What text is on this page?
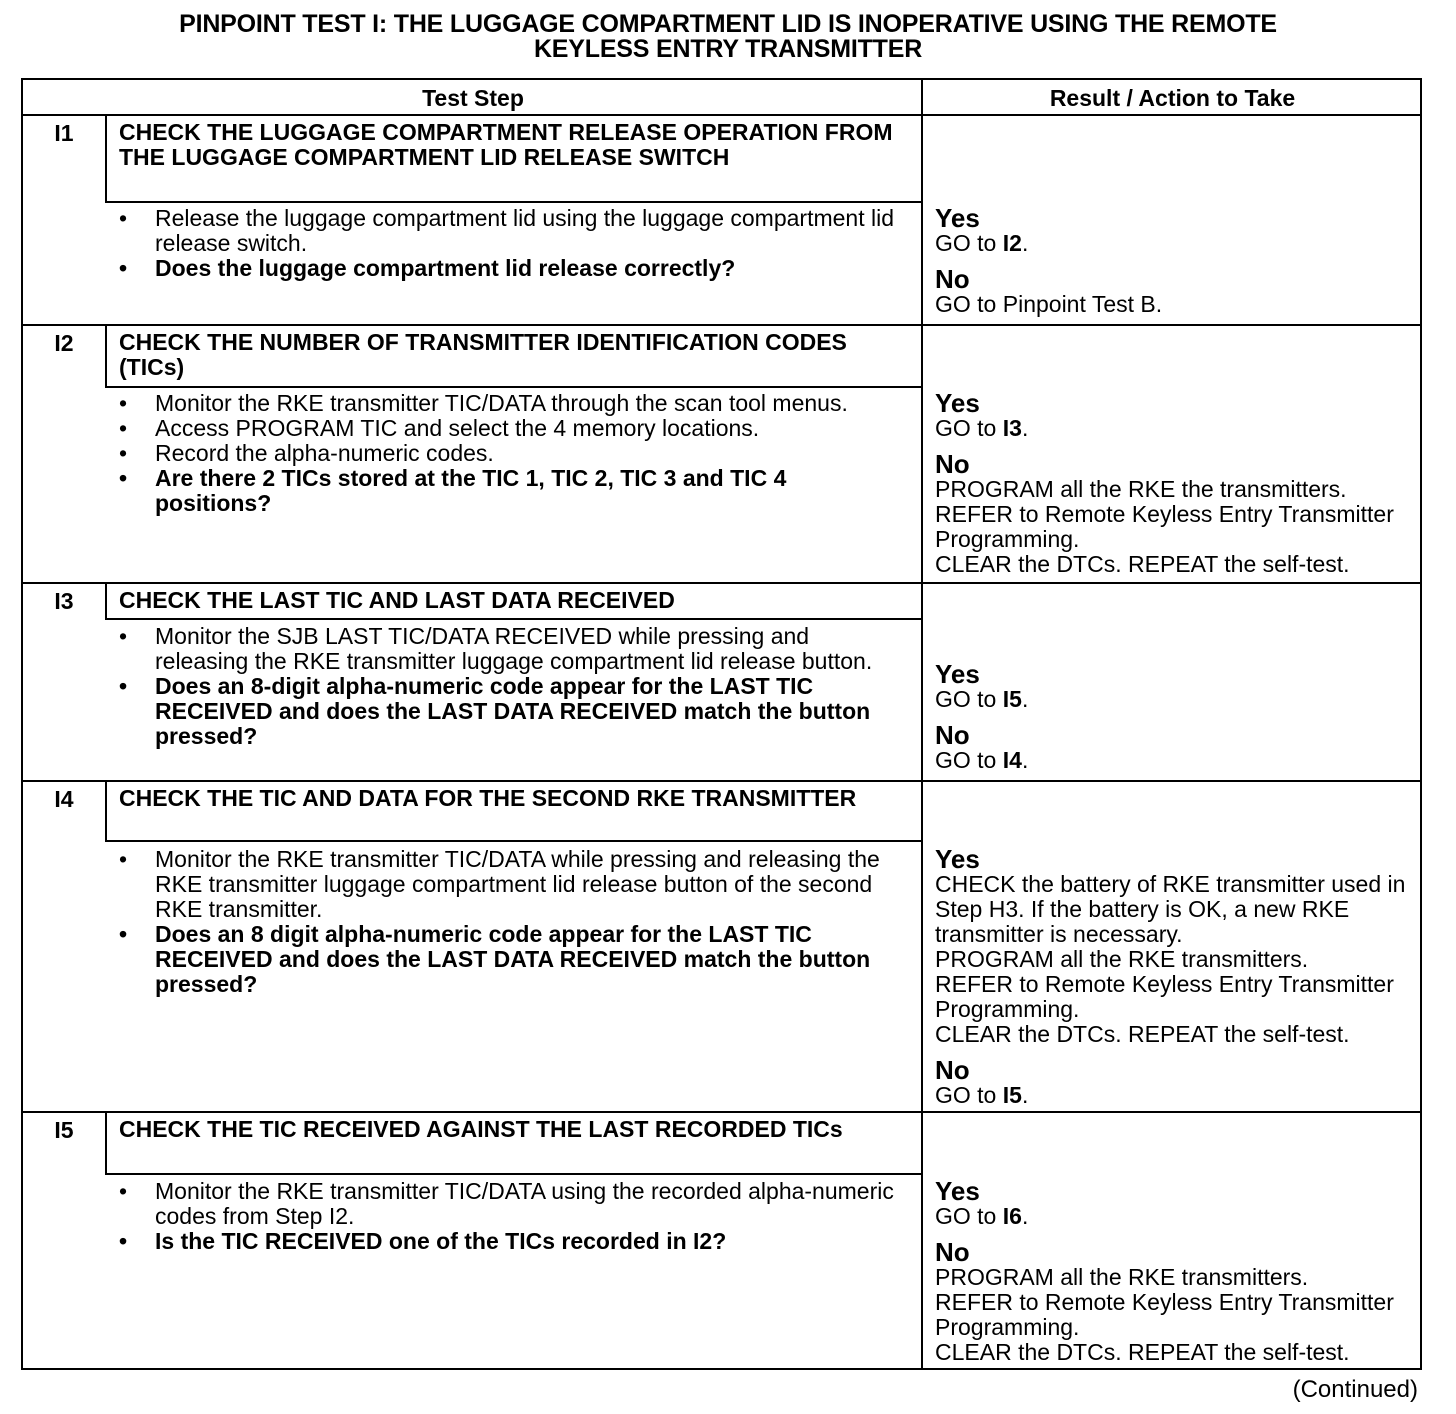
PINPOINT TEST I: THE LUGGAGE COMPARTMENT LID IS INOPERATIVE USING THE REMOTE
KEYLESS ENTRY TRANSMITTER
Test Step	Result / Action to Take
I1	CHECK THE LUGGAGE COMPARTMENT RELEASE OPERATION FROM THE LUGGAGE COMPARTMENT LID RELEASE SWITCH
• Release the luggage compartment lid using the luggage compartment lid release switch.
• Does the luggage compartment lid release correctly?
Yes
GO to I2.
No
GO to Pinpoint Test B.
I2	CHECK THE NUMBER OF TRANSMITTER IDENTIFICATION CODES (TICs)
• Monitor the RKE transmitter TIC/DATA through the scan tool menus.
• Access PROGRAM TIC and select the 4 memory locations.
• Record the alpha-numeric codes.
• Are there 2 TICs stored at the TIC 1, TIC 2, TIC 3 and TIC 4 positions?
Yes
GO to I3.
No
PROGRAM all the RKE the transmitters.
REFER to Remote Keyless Entry Transmitter Programming.
CLEAR the DTCs. REPEAT the self-test.
I3	CHECK THE LAST TIC AND LAST DATA RECEIVED
• Monitor the SJB LAST TIC/DATA RECEIVED while pressing and releasing the RKE transmitter luggage compartment lid release button.
• Does an 8-digit alpha-numeric code appear for the LAST TIC RECEIVED and does the LAST DATA RECEIVED match the button pressed?
Yes
GO to I5.
No
GO to I4.
I4	CHECK THE TIC AND DATA FOR THE SECOND RKE TRANSMITTER
• Monitor the RKE transmitter TIC/DATA while pressing and releasing the RKE transmitter luggage compartment lid release button of the second RKE transmitter.
• Does an 8 digit alpha-numeric code appear for the LAST TIC RECEIVED and does the LAST DATA RECEIVED match the button pressed?
Yes
CHECK the battery of RKE transmitter used in Step H3. If the battery is OK, a new RKE transmitter is necessary.
PROGRAM all the RKE transmitters.
REFER to Remote Keyless Entry Transmitter Programming.
CLEAR the DTCs. REPEAT the self-test.
No
GO to I5.
I5	CHECK THE TIC RECEIVED AGAINST THE LAST RECORDED TICs
• Monitor the RKE transmitter TIC/DATA using the recorded alpha-numeric codes from Step I2.
• Is the TIC RECEIVED one of the TICs recorded in I2?
Yes
GO to I6.
No
PROGRAM all the RKE transmitters.
REFER to Remote Keyless Entry Transmitter Programming.
CLEAR the DTCs. REPEAT the self-test.
(Continued)
